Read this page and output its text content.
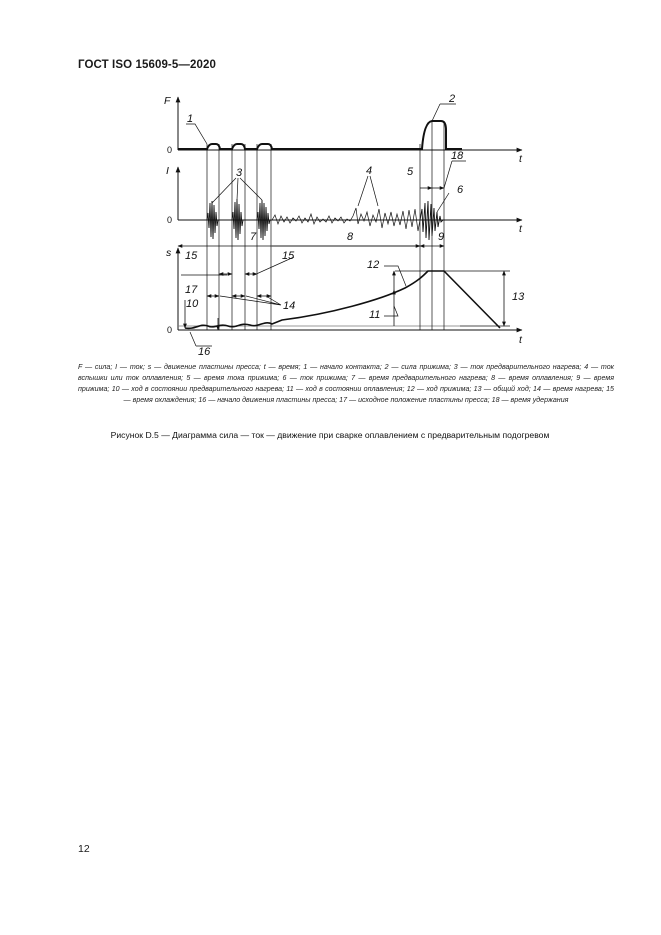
ГОСТ ISO 15609-5—2020
F
0
t
I
0
t
s
0
t
1
2
3	4	5
6
7	8	9
10
11
12
13
14
15	15
16
17
18
F — сила; I — ток; s — движение пластины пресса; t — время; 1 — начало контакта; 2 — сила прижима; 3 — ток предварительного нагрева; 4 — ток вспышки или ток оплавления; 5 — время тока прижима; 6 — ток прижима; 7 — время предварительного нагрева; 8 — время оплавления; 9 — время прижима; 10 — ход в состоянии предварительного нагрева; 11 — ход в состоянии оплавления; 12 — ход прижима; 13 — общий ход; 14 — время нагрева; 15 — время охлаждения; 16 — начало движения пластины пресса; 17 — исходное положение пластины пресса; 18 — время удержания
Рисунок D.5 — Диаграмма сила — ток — движение при сварке оплавлением с предварительным подогревом
12
